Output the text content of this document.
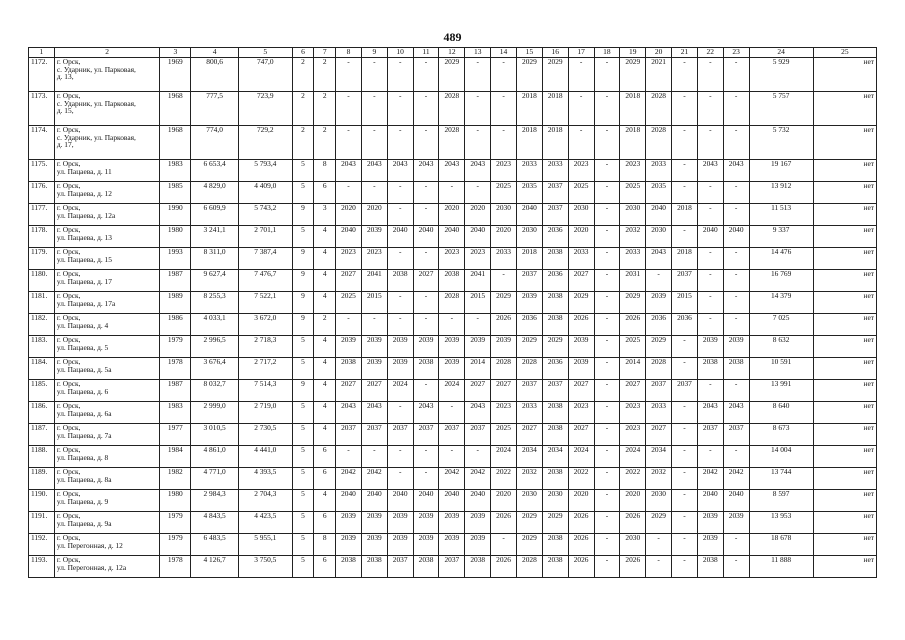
489
1	2	3	4	5	6	7	8	9	10	11	12	13	14	15	16	17	18	19	20	21	22	23	24	25
1172.	г. Орск,
с. Ударник, ул. Парковая,
д. 13,	1969	800,6	747,0	2	2	-	-	-	-	2029	-	-	2029	2029	-	-	2029	2021	-	-	-	5 929	нет
1173.	г. Орск,
с. Ударник, ул. Парковая,
д. 15,	1968	777,5	723,9	2	2	-	-	-	-	2028	-	-	2018	2018	-	-	2018	2028	-	-	-	5 757	нет
1174.	г. Орск,
с. Ударник, ул. Парковая,
д. 17,	1968	774,0	729,2	2	2	-	-	-	-	2028	-	-	2018	2018	-	-	2018	2028	-	-	-	5 732	нет
1175.	г. Орск,
ул. Пацаева, д. 11	1983	6 653,4	5 793,4	5	8	2043	2043	2043	2043	2043	2043	2023	2033	2033	2023	-	2023	2033	-	2043	2043	19 167	нет
1176.	г. Орск,
ул. Пацаева, д. 12	1985	4 829,0	4 409,0	5	6	-	-	-	-	-	-	2025	2035	2037	2025	-	2025	2035	-	-	-	13 912	нет
1177.	г. Орск,
ул. Пацаева, д. 12а	1990	6 609,9	5 743,2	9	3	2020	2020	-	-	2020	2020	2030	2040	2037	2030	-	2030	2040	2018	-	-	11 513	нет
1178.	г. Орск,
ул. Пацаева, д. 13	1980	3 241,1	2 701,1	5	4	2040	2039	2040	2040	2040	2040	2020	2030	2036	2020	-	2032	2030	-	2040	2040	9 337	нет
1179.	г. Орск,
ул. Пацаева, д. 15	1993	8 311,0	7 387,4	9	4	2023	2023	-	-	2023	2023	2033	2018	2038	2033	-	2033	2043	2018	-	-	14 476	нет
1180.	г. Орск,
ул. Пацаева, д. 17	1987	9 627,4	7 476,7	9	4	2027	2041	2038	2027	2038	2041	-	2037	2036	2027	-	2031	-	2037	-	-	16 769	нет
1181.	г. Орск,
ул. Пацаева, д. 17а	1989	8 255,3	7 522,1	9	4	2025	2015	-	-	2028	2015	2029	2039	2038	2029	-	2029	2039	2015	-	-	14 379	нет
1182.	г. Орск,
ул. Пацаева, д. 4	1986	4 033,1	3 672,0	9	2	-	-	-	-	-	-	2026	2036	2038	2026	-	2026	2036	2036	-	-	7 025	нет
1183.	г. Орск,
ул. Пацаева, д. 5	1979	2 996,5	2 718,3	5	4	2039	2039	2039	2039	2039	2039	2039	2029	2029	2039	-	2025	2029	-	2039	2039	8 632	нет
1184.	г. Орск,
ул. Пацаева, д. 5а	1978	3 676,4	2 717,2	5	4	2038	2039	2039	2038	2039	2014	2028	2028	2036	2039	-	2014	2028	-	2038	2038	10 591	нет
1185.	г. Орск,
ул. Пацаева, д. 6	1987	8 032,7	7 514,3	9	4	2027	2027	2024	-	2024	2027	2027	2037	2037	2027	-	2027	2037	2037	-	-	13 991	нет
1186.	г. Орск,
ул. Пацаева, д. 6а	1983	2 999,0	2 719,0	5	4	2043	2043	-	2043	-	2043	2023	2033	2038	2023	-	2023	2033	-	2043	2043	8 640	нет
1187.	г. Орск,
ул. Пацаева, д. 7а	1977	3 010,5	2 730,5	5	4	2037	2037	2037	2037	2037	2037	2025	2027	2038	2027	-	2023	2027	-	2037	2037	8 673	нет
1188.	г. Орск,
ул. Пацаева, д. 8	1984	4 861,0	4 441,0	5	6	-	-	-	-	-	-	2024	2034	2034	2024	-	2024	2034	-	-	-	14 004	нет
1189.	г. Орск,
ул. Пацаева, д. 8а	1982	4 771,0	4 393,5	5	6	2042	2042	-	-	2042	2042	2022	2032	2038	2022	-	2022	2032	-	2042	2042	13 744	нет
1190.	г. Орск,
ул. Пацаева, д. 9	1980	2 984,3	2 704,3	5	4	2040	2040	2040	2040	2040	2040	2020	2030	2030	2020	-	2020	2030	-	2040	2040	8 597	нет
1191.	г. Орск,
ул. Пацаева, д. 9а	1979	4 843,5	4 423,5	5	6	2039	2039	2039	2039	2039	2039	2026	2029	2029	2026	-	2026	2029	-	2039	2039	13 953	нет
1192.	г. Орск,
ул. Перегонная, д. 12	1979	6 483,5	5 955,1	5	8	2039	2039	2039	2039	2039	2039	-	2029	2038	2026	-	2030	-	-	2039	-	18 678	нет
1193.	г. Орск,
ул. Перегонная, д. 12а	1978	4 126,7	3 750,5	5	6	2038	2038	2037	2038	2037	2038	2026	2028	2038	2026	-	2026	-	-	2038	-	11 888	нет
